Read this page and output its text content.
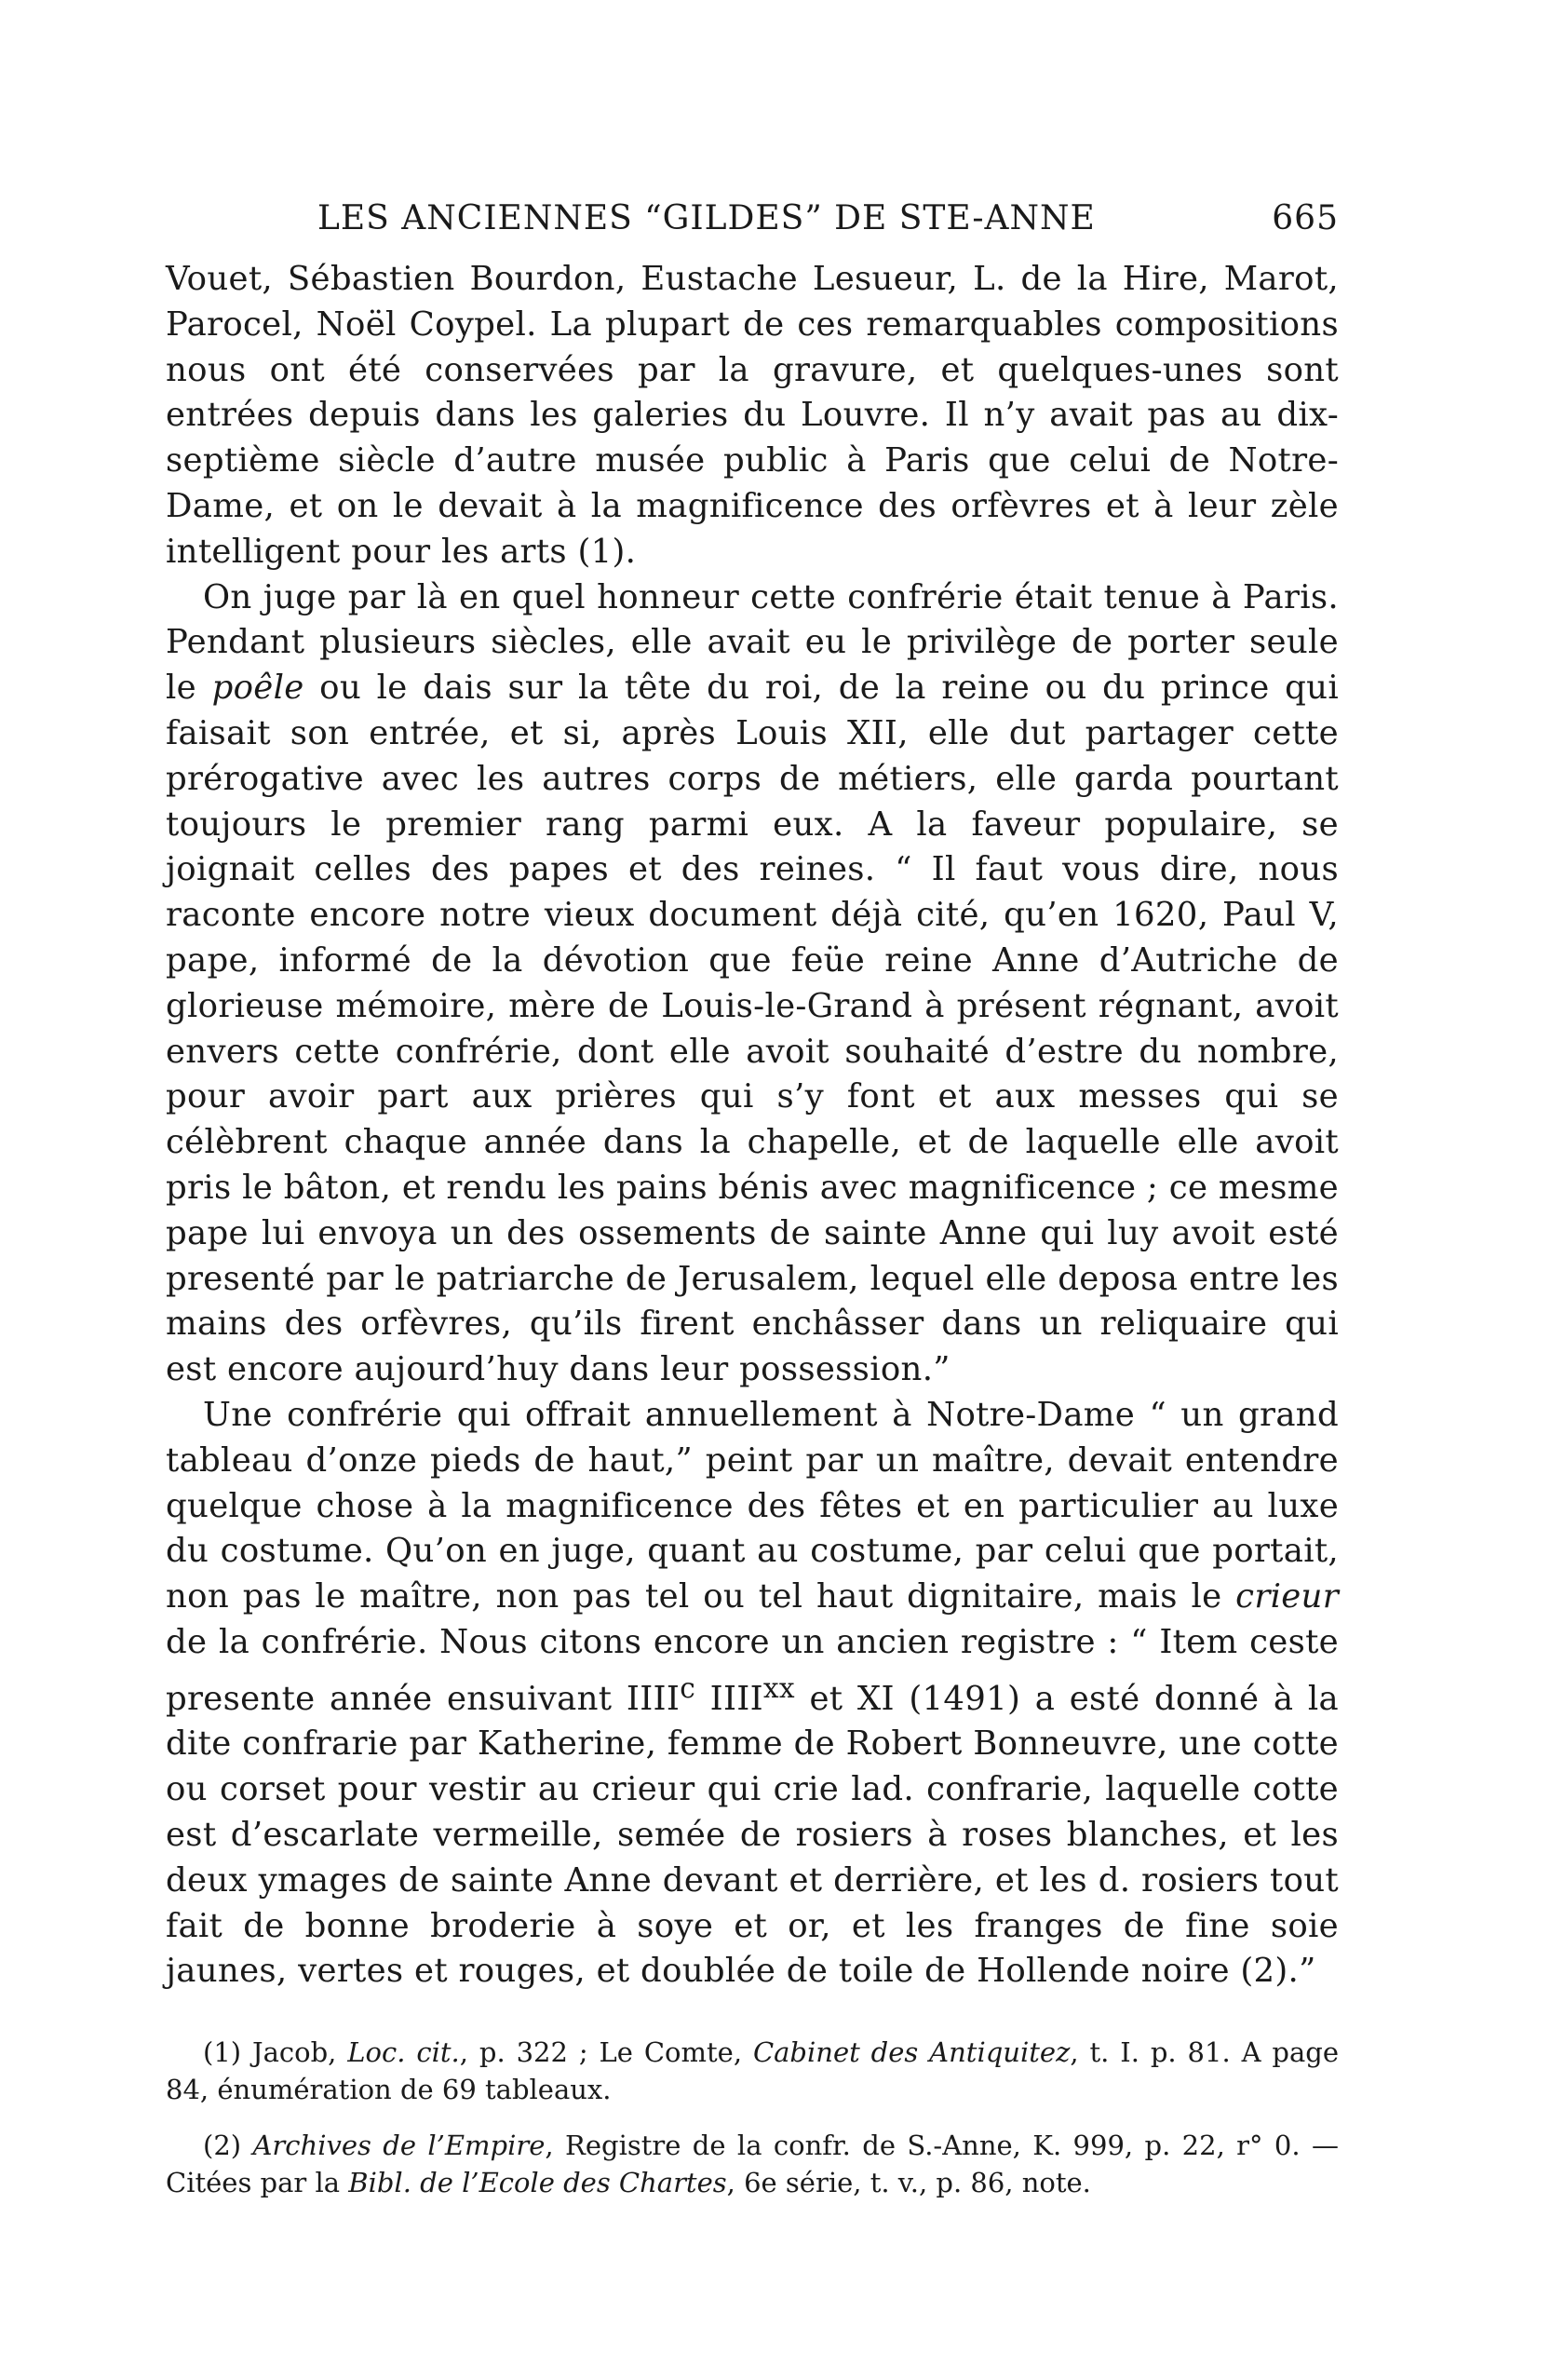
LES ANCIENNES “GILDES” DE STE-ANNE	665

Vouet, Sébastien Bourdon, Eustache Lesueur, L. de la Hire, Marot, Parocel, Noël Coypel. La plupart de ces remarquables compositions nous ont été conservées par la gravure, et quelques-unes sont entrées depuis dans les galeries du Louvre. Il n’y avait pas au dix-septième siècle d’autre musée public à Paris que celui de Notre-Dame, et on le devait à la magnificence des orfèvres et à leur zèle intelligent pour les arts (1).

On juge par là en quel honneur cette confrérie était tenue à Paris. Pendant plusieurs siècles, elle avait eu le privilège de porter seule le poêle ou le dais sur la tête du roi, de la reine ou du prince qui faisait son entrée, et si, après Louis XII, elle dut partager cette prérogative avec les autres corps de métiers, elle garda pourtant toujours le premier rang parmi eux. A la faveur populaire, se joignait celles des papes et des reines. “ Il faut vous dire, nous raconte encore notre vieux document déjà cité, qu’en 1620, Paul V, pape, informé de la dévotion que feüe reine Anne d’Autriche de glorieuse mémoire, mère de Louis-le-Grand à présent régnant, avoit envers cette confrérie, dont elle avoit souhaité d’estre du nombre, pour avoir part aux prières qui s’y font et aux messes qui se célèbrent chaque année dans la chapelle, et de laquelle elle avoit pris le bâton, et rendu les pains bénis avec magnificence ; ce mesme pape lui envoya un des ossements de sainte Anne qui luy avoit esté presenté par le patriarche de Jerusalem, lequel elle deposa entre les mains des orfèvres, qu’ils firent enchâsser dans un reliquaire qui est encore aujourd’huy dans leur possession.”

Une confrérie qui offrait annuellement à Notre-Dame “ un grand tableau d’onze pieds de haut,” peint par un maître, devait entendre quelque chose à la magnificence des fêtes et en particulier au luxe du costume. Qu’on en juge, quant au costume, par celui que portait, non pas le maître, non pas tel ou tel haut dignitaire, mais le crieur de la confrérie. Nous citons encore un ancien registre : “ Item ceste presente année ensuivant IIII$^c$ IIII$^{xx}$ et XI (1491) a esté donné à la dite confrarie par Katherine, femme de Robert Bonneuvre, une cotte ou corset pour vestir au crieur qui crie lad. confrarie, laquelle cotte est d’escarlate vermeille, semée de rosiers à roses blanches, et les deux ymages de sainte Anne devant et derrière, et les d. rosiers tout fait de bonne broderie à soye et or, et les franges de fine soie jaunes, vertes et rouges, et doublée de toile de Hollende noire (2).”

(1) Jacob, Loc. cit., p. 322 ; Le Comte, Cabinet des Antiquitez, t. I. p. 81. A page 84, énumération de 69 tableaux.

(2) Archives de l’Empire, Registre de la confr. de S.-Anne, K. 999, p. 22, r° 0. —Citées par la Bibl. de l’Ecole des Chartes, 6e série, t. v., p. 86, note.
